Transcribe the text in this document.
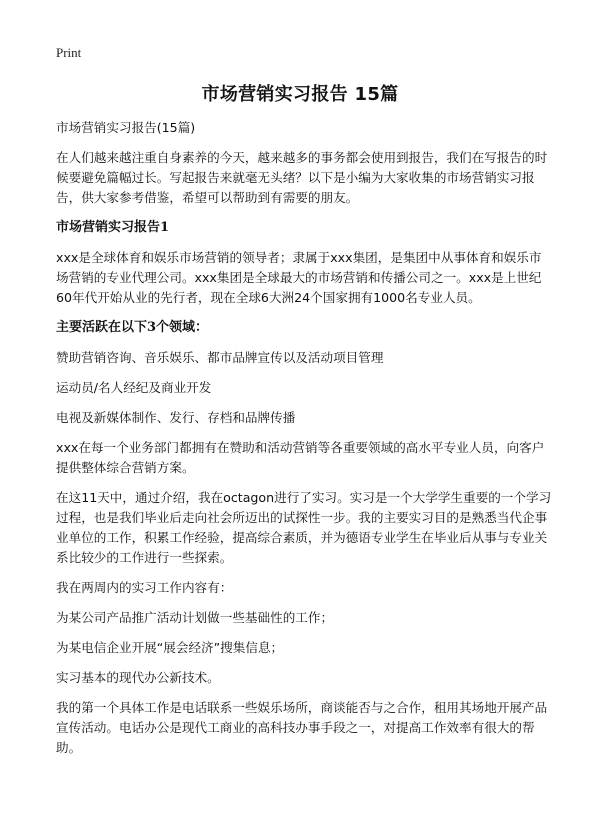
Print
市场营销实习报告 15篇

市场营销实习报告(15篇)

在人们越来越注重自身素养的今天，越来越多的事务都会使用到报告，我们在写报告的时候要避免篇幅过长。写起报告来就毫无头绪？以下是小编为大家收集的市场营销实习报告，供大家参考借鉴，希望可以帮助到有需要的朋友。

市场营销实习报告1

xxx是全球体育和娱乐市场营销的领导者；隶属于xxx集团，是集团中从事体育和娱乐市场营销的专业代理公司。xxx集团是全球最大的市场营销和传播公司之一。xxx是上世纪60年代开始从业的先行者，现在全球6大洲24个国家拥有1000名专业人员。

主要活跃在以下3个领域：

赞助营销咨询、音乐娱乐、都市品牌宣传以及活动项目管理

运动员/名人经纪及商业开发

电视及新媒体制作、发行、存档和品牌传播

xxx在每一个业务部门都拥有在赞助和活动营销等各重要领域的高水平专业人员，向客户提供整体综合营销方案。

在这11天中，通过介绍，我在octagon进行了实习。实习是一个大学学生重要的一个学习过程，也是我们毕业后走向社会所迈出的试探性一步。我的主要实习目的是熟悉当代企事业单位的工作，积累工作经验，提高综合素质，并为德语专业学生在毕业后从事与专业关系比较少的工作进行一些探索。

我在两周内的实习工作内容有：

为某公司产品推广活动计划做一些基础性的工作；

为某电信企业开展“展会经济”搜集信息；

实习基本的现代办公新技术。

我的第一个具体工作是电话联系一些娱乐场所，商谈能否与之合作，租用其场地开展产品宣传活动。电话办公是现代工商业的高科技办事手段之一，对提高工作效率有很大的帮助。
